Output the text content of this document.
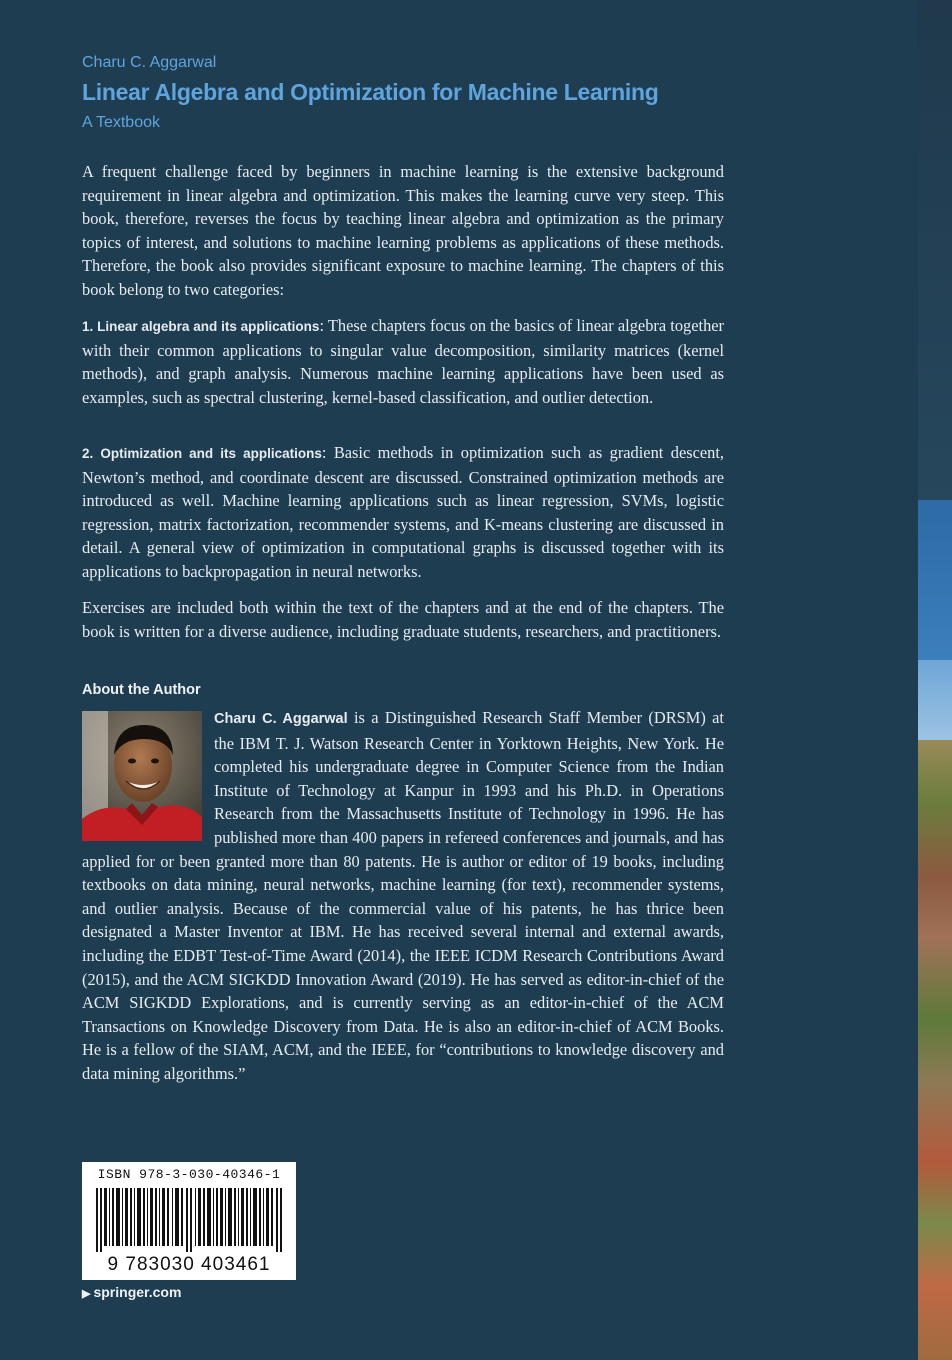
Charu C. Aggarwal
Linear Algebra and Optimization for Machine Learning
A Textbook

A frequent challenge faced by beginners in machine learning is the extensive background requirement in linear algebra and optimization. This makes the learning curve very steep. This book, therefore, reverses the focus by teaching linear algebra and optimization as the primary topics of interest, and solutions to machine learning problems as applications of these methods. Therefore, the book also provides significant exposure to machine learning. The chapters of this book belong to two categories:

1. Linear algebra and its applications: These chapters focus on the basics of linear algebra together with their common applications to singular value decomposition, similarity matrices (kernel methods), and graph analysis. Numerous machine learning applications have been used as examples, such as spectral clustering, kernel-based classification, and outlier detection.

2. Optimization and its applications: Basic methods in optimization such as gradient descent, Newton’s method, and coordinate descent are discussed. Constrained optimization methods are introduced as well. Machine learning applications such as linear regression, SVMs, logistic regression, matrix factorization, recommender systems, and K-means clustering are discussed in detail. A general view of optimization in computational graphs is discussed together with its applications to backpropagation in neural networks.

Exercises are included both within the text of the chapters and at the end of the chapters. The book is written for a diverse audience, including graduate students, researchers, and practitioners.

About the Author

Charu C. Aggarwal
is a Distinguished Research Staff Member (DRSM) at the IBM T. J. Watson Research Center in Yorktown Heights, New York. He completed his undergraduate degree in Computer Science from the Indian Institute of Technology at Kanpur in 1993 and his Ph.D. in Operations Research from the Massachusetts Institute of Technology in 1996. He has published more than 400 papers in refereed conferences and journals, and has applied for or been granted more than 80 patents. He is author or editor of 19 books, including textbooks on data mining, neural networks, machine learning (for text), recommender systems, and outlier analysis. Because of the commercial value of his patents, he has thrice been designated a Master Inventor at IBM. He has received several internal and external awards, including the EDBT Test-of-Time Award (2014), the IEEE ICDM Research Contributions Award (2015), and the ACM SIGKDD Innovation Award (2019). He has served as editor-in-chief of the ACM SIGKDD Explorations, and is currently serving as an editor-in-chief of the ACM Transactions on Knowledge Discovery from Data. He is also an editor-in-chief of ACM Books. He is a fellow of the SIAM, ACM, and the IEEE, for “contributions to knowledge discovery and data mining algorithms.”

ISBN 978-3-030-40346-1
9 783030 403461
▶ springer.com
